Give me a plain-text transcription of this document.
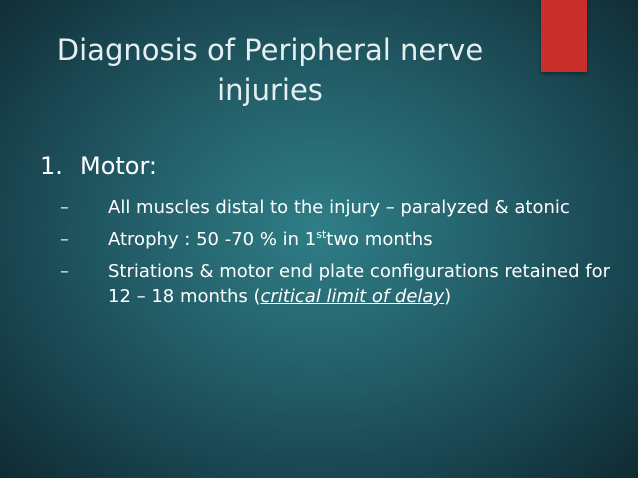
Diagnosis of Peripheral nerve
injuries
1. Motor:
–	All muscles distal to the injury – paralyzed & atonic
–	Atrophy : 50 -70 % in 1sttwo months
–	Striations & motor end plate configurations retained for 12 – 18 months (critical limit of delay)
